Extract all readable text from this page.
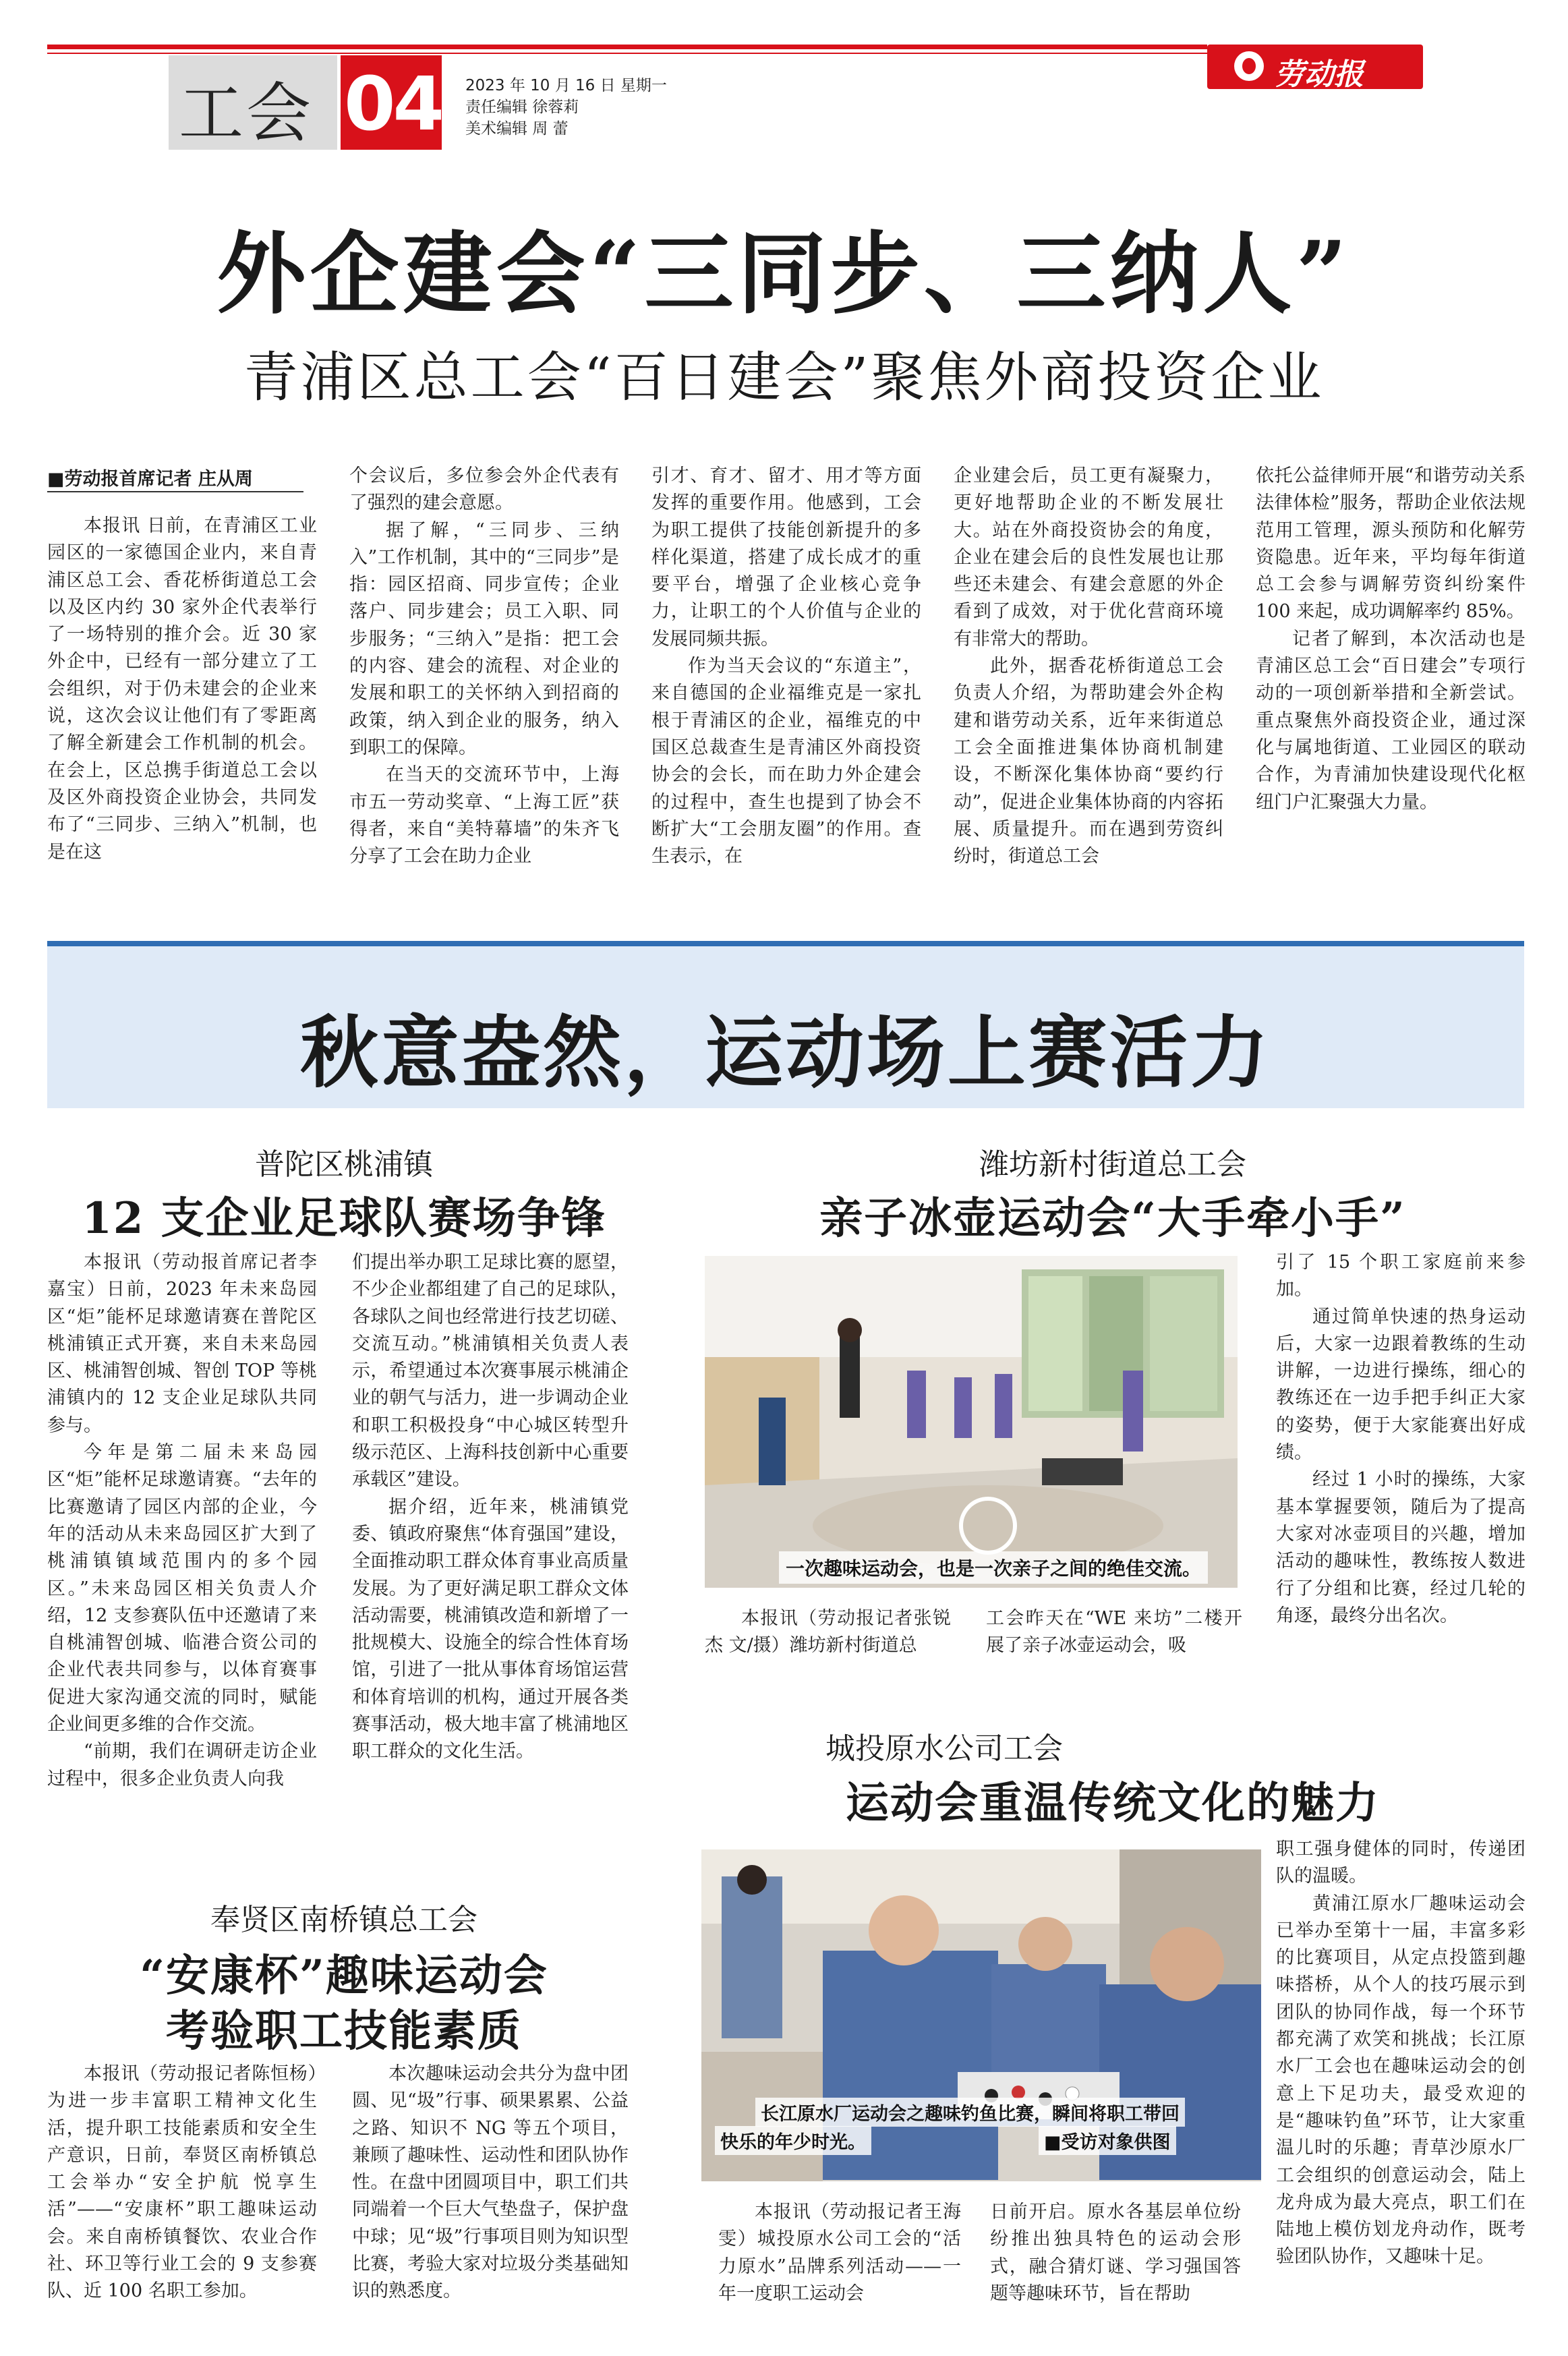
工会 04 2023 年 10 月 16 日 星期一
责任编辑 徐蓉莉
美术编辑 周 蕾
劳动报
外企建会“三同步、三纳人”
青浦区总工会“百日建会”聚焦外商投资企业
■劳动报首席记者 庄从周

本报讯 日前，在青浦区工业园区的一家德国企业内，来自青浦区总工会、香花桥街道总工会以及区内约 30 家外企代表举行了一场特别的推介会。近 30 家外企中，已经有一部分建立了工会组织，对于仍未建会的企业来说，这次会议让他们有了零距离了解全新建会工作机制的机会。在会上，区总携手街道总工会以及区外商投资企业协会，共同发布了“三同步、三纳入”机制，也是在这

个会议后，多位参会外企代表有了强烈的建会意愿。

据了解，“三同步、三纳入”工作机制，其中的“三同步”是指：园区招商、同步宣传；企业落户、同步建会；员工入职、同步服务；“三纳入”是指：把工会的内容、建会的流程、对企业的发展和职工的关怀纳入到招商的政策，纳入到企业的服务，纳入到职工的保障。

在当天的交流环节中，上海市五一劳动奖章、“上海工匠”获得者，来自“美特幕墙”的朱齐飞分享了工会在助力企业

引才、育才、留才、用才等方面发挥的重要作用。他感到，工会为职工提供了技能创新提升的多样化渠道，搭建了成长成才的重要平台，增强了企业核心竞争力，让职工的个人价值与企业的发展同频共振。

作为当天会议的“东道主”，来自德国的企业福维克是一家扎根于青浦区的企业，福维克的中国区总裁查生是青浦区外商投资协会的会长，而在助力外企建会的过程中，查生也提到了协会不断扩大“工会朋友圈”的作用。查生表示，在

企业建会后，员工更有凝聚力，更好地帮助企业的不断发展壮大。站在外商投资协会的角度，企业在建会后的良性发展也让那些还未建会、有建会意愿的外企看到了成效，对于优化营商环境有非常大的帮助。

此外，据香花桥街道总工会负责人介绍，为帮助建会外企构建和谐劳动关系，近年来街道总工会全面推进集体协商机制建设，不断深化集体协商“要约行动”，促进企业集体协商的内容拓展、质量提升。而在遇到劳资纠纷时，街道总工会

依托公益律师开展“和谐劳动关系法律体检”服务，帮助企业依法规范用工管理，源头预防和化解劳资隐患。近年来，平均每年街道总工会参与调解劳资纠纷案件 100 来起，成功调解率约 85%。

记者了解到，本次活动也是青浦区总工会“百日建会”专项行动的一项创新举措和全新尝试。重点聚焦外商投资企业，通过深化与属地街道、工业园区的联动合作，为青浦加快建设现代化枢纽门户汇聚强大力量。

秋意盎然，运动场上赛活力
普陀区桃浦镇
12 支企业足球队赛场争锋

本报讯（劳动报首席记者李嘉宝）日前，2023 年未来岛园区“炬”能杯足球邀请赛在普陀区桃浦镇正式开赛，来自未来岛园区、桃浦智创城、智创 TOP 等桃浦镇内的 12 支企业足球队共同参与。

今年是第二届未来岛园区“炬”能杯足球邀请赛。“去年的比赛邀请了园区内部的企业，今年的活动从未来岛园区扩大到了桃浦镇镇域范围内的多个园区。”未来岛园区相关负责人介绍，12 支参赛队伍中还邀请了来自桃浦智创城、临港合资公司的企业代表共同参与，以体育赛事促进大家沟通交流的同时，赋能企业间更多维的合作交流。

“前期，我们在调研走访企业过程中，很多企业负责人向我

们提出举办职工足球比赛的愿望，不少企业都组建了自己的足球队，各球队之间也经常进行技艺切磋、交流互动。”桃浦镇相关负责人表示，希望通过本次赛事展示桃浦企业的朝气与活力，进一步调动企业和职工积极投身“中心城区转型升级示范区、上海科技创新中心重要承载区”建设。

据介绍，近年来，桃浦镇党委、镇政府聚焦“体育强国”建设，全面推动职工群众体育事业高质量发展。为了更好满足职工群众文体活动需要，桃浦镇改造和新增了一批规模大、设施全的综合性体育场馆，引进了一批从事体育场馆运营和体育培训的机构，通过开展各类赛事活动，极大地丰富了桃浦地区职工群众的文化生活。

潍坊新村街道总工会
亲子冰壶运动会“大手牵小手”
一次趣味运动会，也是一次亲子之间的绝佳交流。

本报讯（劳动报记者张锐杰 文/摄）潍坊新村街道总

工会昨天在“WE 来坊”二楼开展了亲子冰壶运动会，吸

引了 15 个职工家庭前来参加。

通过简单快速的热身运动后，大家一边跟着教练的生动讲解，一边进行操练，细心的教练还在一边手把手纠正大家的姿势，便于大家能赛出好成绩。

经过 1 小时的操练，大家基本掌握要领，随后为了提高大家对冰壶项目的兴趣，增加活动的趣味性，教练按人数进行了分组和比赛，经过几轮的角逐，最终分出名次。

奉贤区南桥镇总工会
“安康杯”趣味运动会
考验职工技能素质

本报讯（劳动报记者陈恒杨）为进一步丰富职工精神文化生活，提升职工技能素质和安全生产意识，日前，奉贤区南桥镇总工会举办“安全护航 悦享生活”——“安康杯”职工趣味运动会。来自南桥镇餐饮、农业合作社、环卫等行业工会的 9 支参赛队、近 100 名职工参加。

本次趣味运动会共分为盘中团圆、见“圾”行事、硕果累累、公益之路、知识不 NG 等五个项目，兼顾了趣味性、运动性和团队协作性。在盘中团圆项目中，职工们共同端着一个巨大气垫盘子，保护盘中球；见“圾”行事项目则为知识型比赛，考验大家对垃圾分类基础知识的熟悉度。

城投原水公司工会
运动会重温传统文化的魅力
长江原水厂运动会之趣味钓鱼比赛，瞬间将职工带回
快乐的年少时光。	■受访对象供图

本报讯（劳动报记者王海雯）城投原水公司工会的“活力原水”品牌系列活动——一年一度职工运动会

日前开启。原水各基层单位纷纷推出独具特色的运动会形式，融合猜灯谜、学习强国答题等趣味环节，旨在帮助

职工强身健体的同时，传递团队的温暖。

黄浦江原水厂趣味运动会已举办至第十一届，丰富多彩的比赛项目，从定点投篮到趣味搭桥，从个人的技巧展示到团队的协同作战，每一个环节都充满了欢笑和挑战；长江原水厂工会也在趣味运动会的创意上下足功夫，最受欢迎的是“趣味钓鱼”环节，让大家重温儿时的乐趣；青草沙原水厂工会组织的创意运动会，陆上龙舟成为最大亮点，职工们在陆地上模仿划龙舟动作，既考验团队协作，又趣味十足。
